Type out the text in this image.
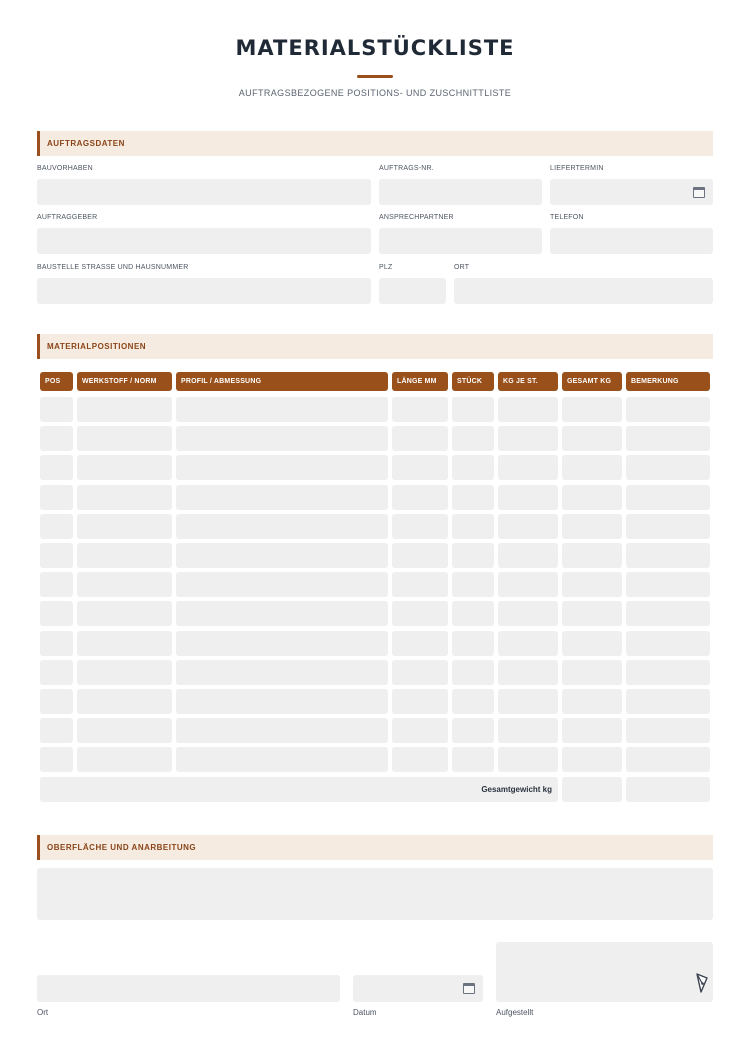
MATERIALSTÜCKLISTE
AUFTRAGSBEZOGENE POSITIONS- UND ZUSCHNITTLISTE
AUFTRAGSDATEN
BAUVORHABEN	AUFTRAGS-NR.	LIEFERTERMIN
AUFTRAGGEBER	ANSPRECHPARTNER	TELEFON
BAUSTELLE STRASSE UND HAUSNUMMER	PLZ	ORT
MATERIALPOSITIONEN
POS	WERKSTOFF / NORM	PROFIL / ABMESSUNG	LÄNGE MM	STÜCK	KG JE ST.	GESAMT KG	BEMERKUNG
Gesamtgewicht kg
OBERFLÄCHE UND ANARBEITUNG
Ort	Datum	Aufgestellt
